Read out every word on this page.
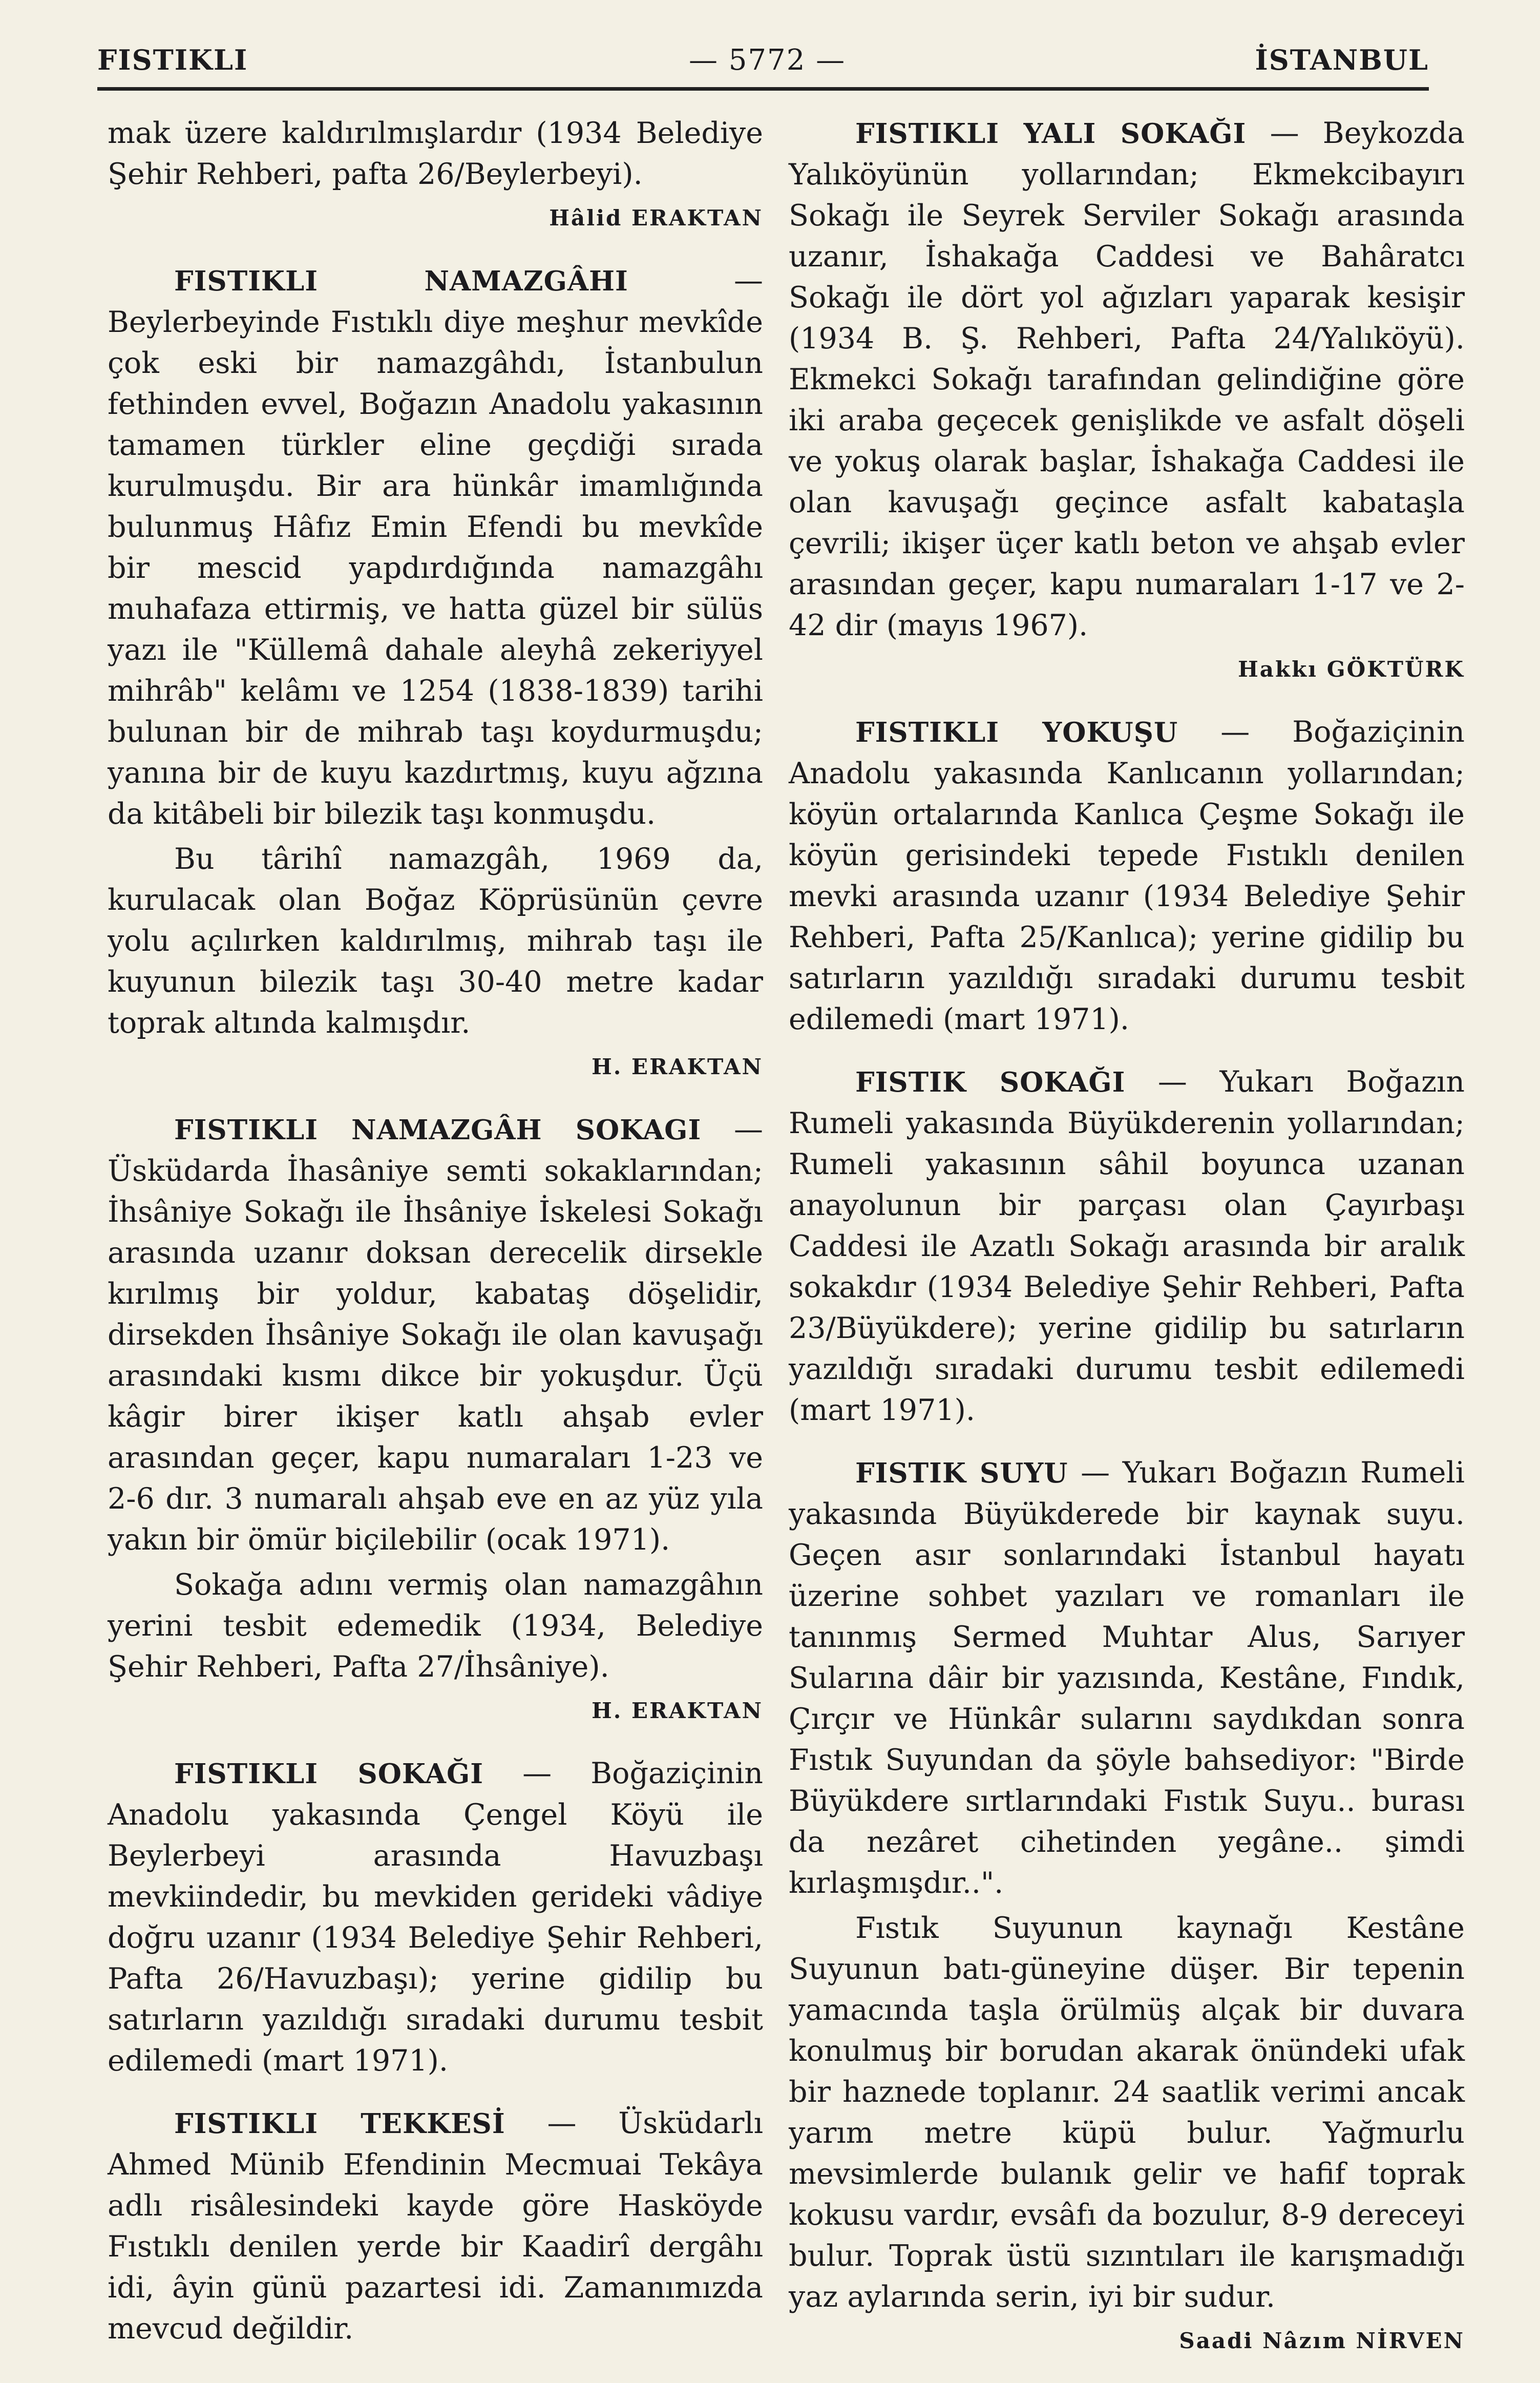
FISTIKLI	— 5772 —	İSTANBUL

mak üzere kaldırılmışlardır (1934 Belediye Şehir Rehberi, pafta 26/Beylerbeyi).

Hâlid ERAKTAN

FISTIKLI NAMAZGÂHI — Beylerbeyinde Fıstıklı diye meşhur mevkîde çok eski bir namazgâhdı, İstanbulun fethinden evvel, Boğazın Anadolu yakasının tamamen türkler eline geçdiği sırada kurulmuşdu. Bir ara hünkâr imamlığında bulunmuş Hâfız Emin Efendi bu mevkîde bir mescid yapdırdığında namazgâhı muhafaza ettirmiş, ve hatta güzel bir sülüs yazı ile "Küllemâ dahale aleyhâ zekeriyyel mihrâb" kelâmı ve 1254 (1838-1839) tarihi bulunan bir de mihrab taşı koydurmuşdu; yanına bir de kuyu kazdırtmış, kuyu ağzına da kitâbeli bir bilezik taşı konmuşdu.

Bu târihî namazgâh, 1969 da, kurulacak olan Boğaz Köprüsünün çevre yolu açılırken kaldırılmış, mihrab taşı ile kuyunun bilezik taşı 30-40 metre kadar toprak altında kalmışdır.

H. ERAKTAN

FISTIKLI NAMAZGÂH SOKAGI — Üsküdarda İhasâniye semti sokaklarından; İhsâniye Sokağı ile İhsâniye İskelesi Sokağı arasında uzanır doksan derecelik dirsekle kırılmış bir yoldur, kabataş döşelidir, dirsekden İhsâniye Sokağı ile olan kavuşağı arasındaki kısmı dikce bir yokuşdur. Üçü kâgir birer ikişer katlı ahşab evler arasından geçer, kapu numaraları 1-23 ve 2-6 dır. 3 numaralı ahşab eve en az yüz yıla yakın bir ömür biçilebilir (ocak 1971).

Sokağa adını vermiş olan namazgâhın yerini tesbit edemedik (1934, Belediye Şehir Rehberi, Pafta 27/İhsâniye).

H. ERAKTAN

FISTIKLI SOKAĞI — Boğaziçinin Anadolu yakasında Çengel Köyü ile Beylerbeyi arasında Havuzbaşı mevkiindedir, bu mevkiden gerideki vâdiye doğru uzanır (1934 Belediye Şehir Rehberi, Pafta 26/Havuzbaşı); yerine gidilip bu satırların yazıldığı sıradaki durumu tesbit edilemedi (mart 1971).

FISTIKLI TEKKESİ — Üsküdarlı Ahmed Münib Efendinin Mecmuai Tekâya adlı risâlesindeki kayde göre Hasköyde Fıstıklı denilen yerde bir Kaadirî dergâhı idi, âyin günü pazartesi idi. Zamanımızda mevcud değildir.

FISTIKLI YALI SOKAĞI — Beykozda Yalıköyünün yollarından; Ekmekcibayırı Sokağı ile Seyrek Serviler Sokağı arasında uzanır, İshakağa Caddesi ve Bahâratcı Sokağı ile dört yol ağızları yaparak kesişir (1934 B. Ş. Rehberi, Pafta 24/Yalıköyü). Ekmekci Sokağı tarafından gelindiğine göre iki araba geçecek genişlikde ve asfalt döşeli ve yokuş olarak başlar, İshakağa Caddesi ile olan kavuşağı geçince asfalt kabataşla çevrili; ikişer üçer katlı beton ve ahşab evler arasından geçer, kapu numaraları 1-17 ve 2-42 dir (mayıs 1967).

Hakkı GÖKTÜRK

FISTIKLI YOKUŞU — Boğaziçinin Anadolu yakasında Kanlıcanın yollarından; köyün ortalarında Kanlıca Çeşme Sokağı ile köyün gerisindeki tepede Fıstıklı denilen mevki arasında uzanır (1934 Belediye Şehir Rehberi, Pafta 25/Kanlıca); yerine gidilip bu satırların yazıldığı sıradaki durumu tesbit edilemedi (mart 1971).

FISTIK SOKAĞI — Yukarı Boğazın Rumeli yakasında Büyükderenin yollarından; Rumeli yakasının sâhil boyunca uzanan anayolunun bir parçası olan Çayırbaşı Caddesi ile Azatlı Sokağı arasında bir aralık sokakdır (1934 Belediye Şehir Rehberi, Pafta 23/Büyükdere); yerine gidilip bu satırların yazıldığı sıradaki durumu tesbit edilemedi (mart 1971).

FISTIK SUYU — Yukarı Boğazın Rumeli yakasında Büyükderede bir kaynak suyu. Geçen asır sonlarındaki İstanbul hayatı üzerine sohbet yazıları ve romanları ile tanınmış Sermed Muhtar Alus, Sarıyer Sularına dâir bir yazısında, Kestâne, Fındık, Çırçır ve Hünkâr sularını saydıkdan sonra Fıstık Suyundan da şöyle bahsediyor: "Birde Büyükdere sırtlarındaki Fıstık Suyu.. burası da nezâret cihetinden yegâne.. şimdi kırlaşmışdır..".

Fıstık Suyunun kaynağı Kestâne Suyunun batı-güneyine düşer. Bir tepenin yamacında taşla örülmüş alçak bir duvara konulmuş bir borudan akarak önündeki ufak bir haznede toplanır. 24 saatlik verimi ancak yarım metre küpü bulur. Yağmurlu mevsimlerde bulanık gelir ve hafif toprak kokusu vardır, evsâfı da bozulur, 8-9 dereceyi bulur. Toprak üstü sızıntıları ile karışmadığı yaz aylarında serin, iyi bir sudur.

Saadi Nâzım NİRVEN
